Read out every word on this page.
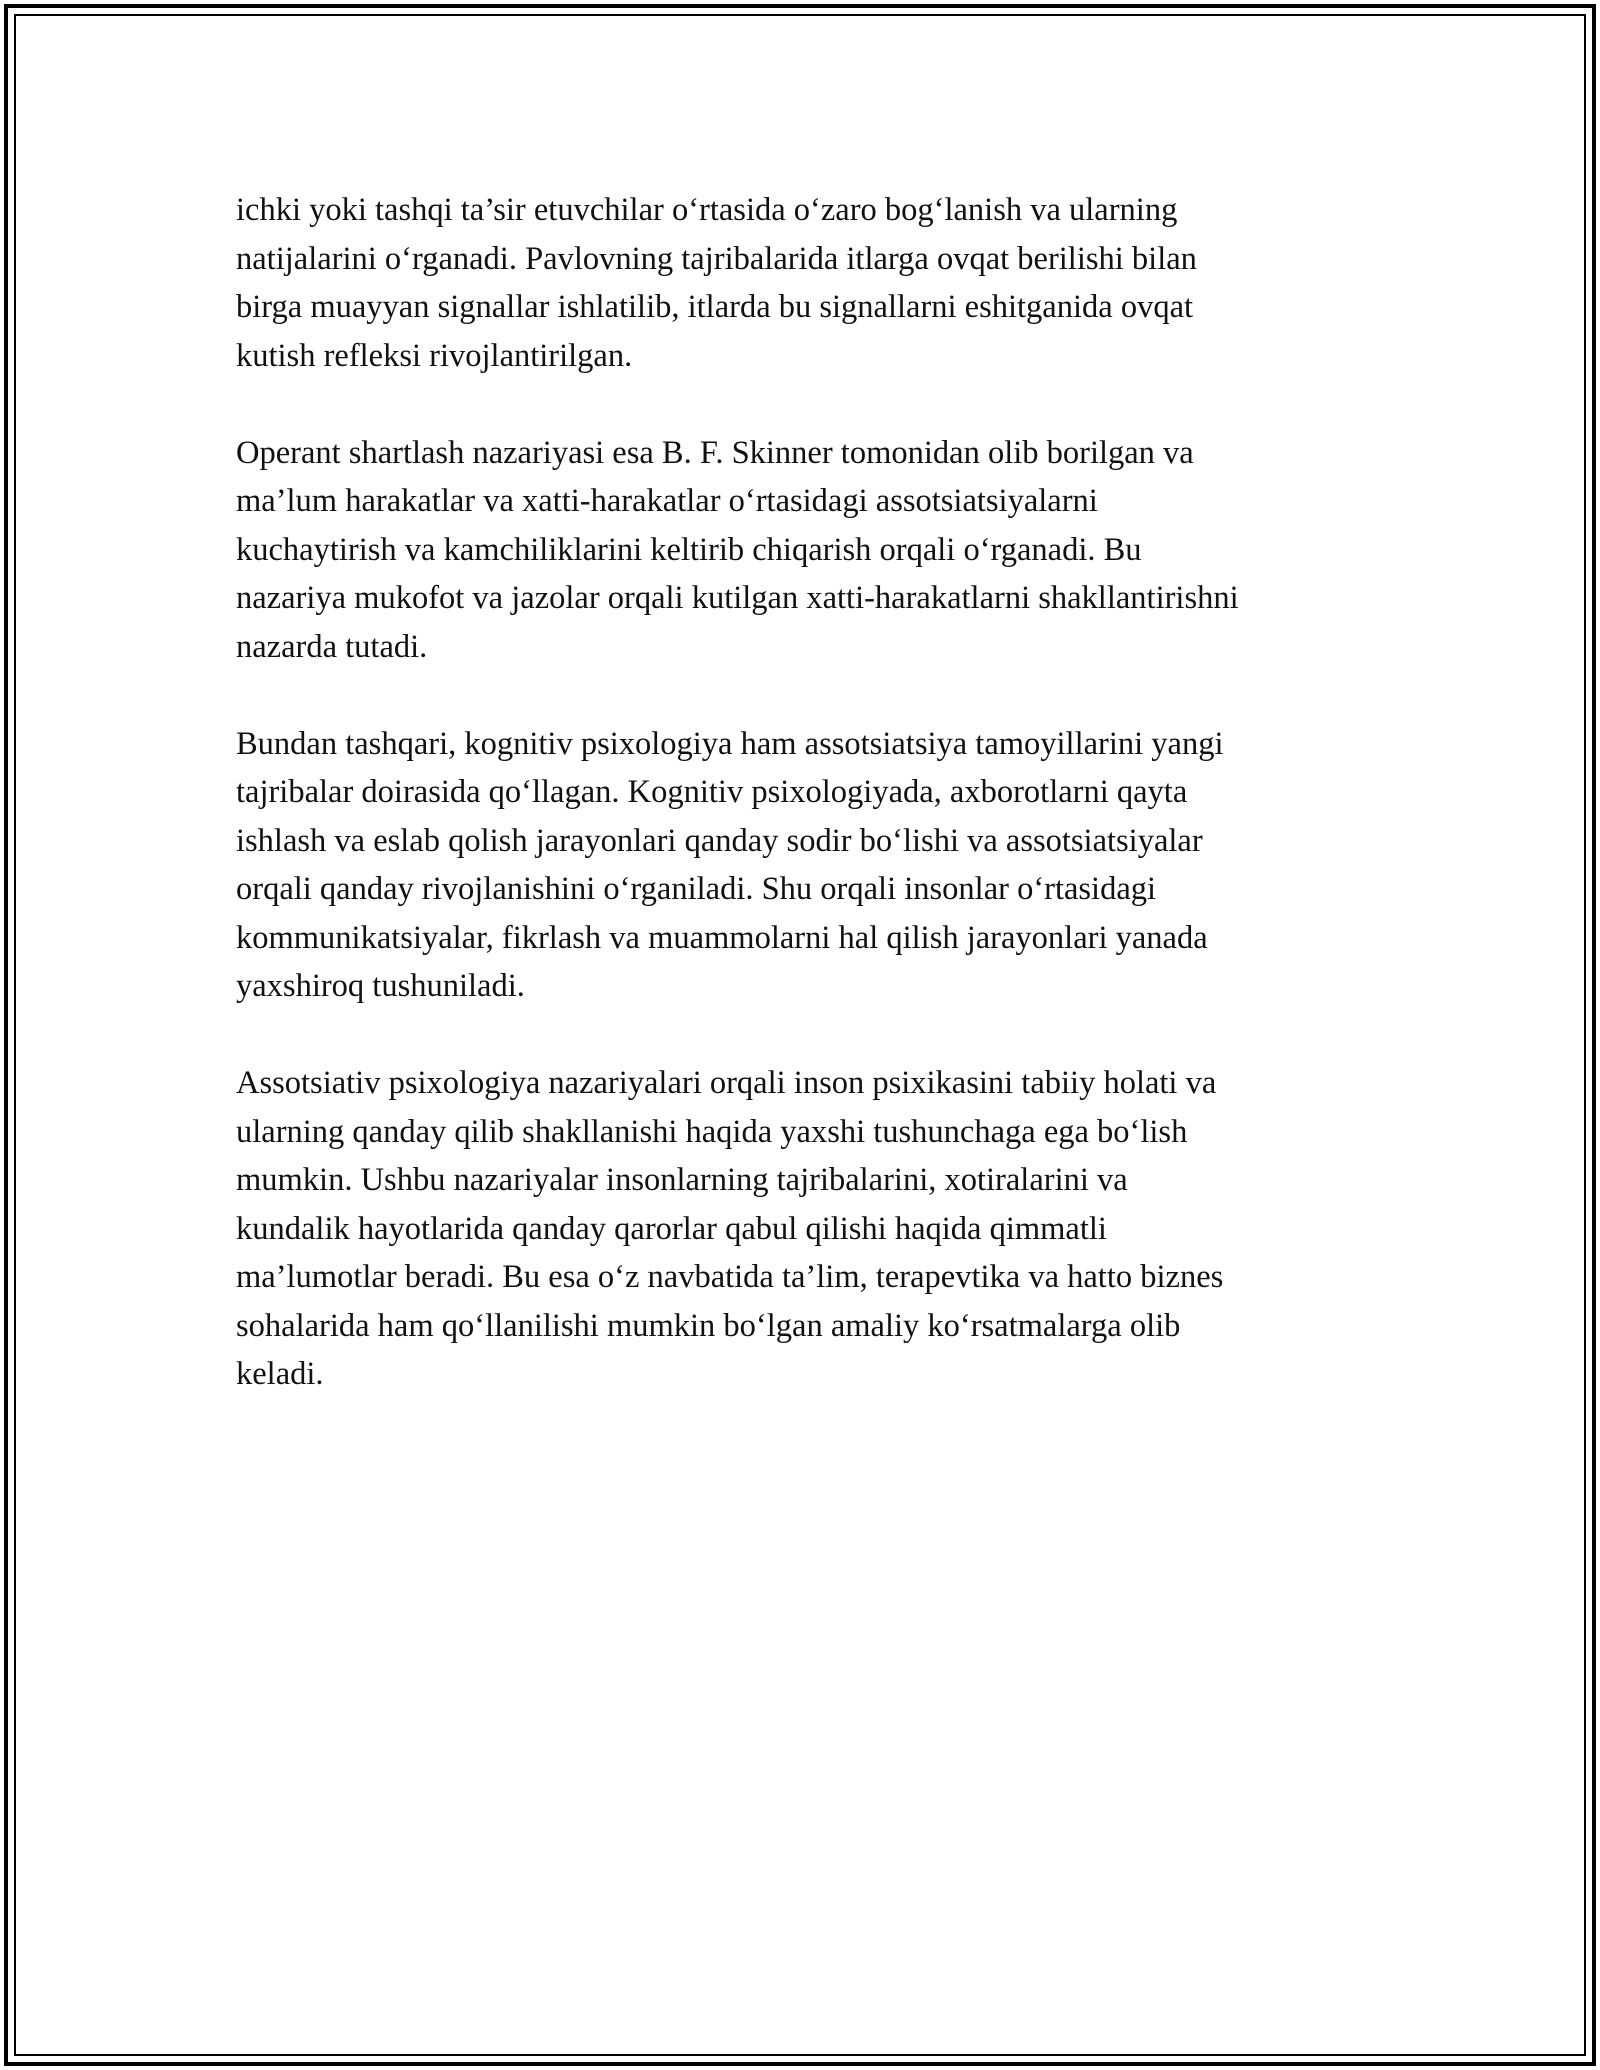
ichki yoki tashqi ta’sir etuvchilar o‘rtasida o‘zaro bog‘lanish va ularning
natijalarini o‘rganadi. Pavlovning tajribalarida itlarga ovqat berilishi bilan
birga muayyan signallar ishlatilib, itlarda bu signallarni eshitganida ovqat
kutish refleksi rivojlantirilgan.

Operant shartlash nazariyasi esa B. F. Skinner tomonidan olib borilgan va
ma’lum harakatlar va xatti-harakatlar o‘rtasidagi assotsiatsiyalarni
kuchaytirish va kamchiliklarini keltirib chiqarish orqali o‘rganadi. Bu
nazariya mukofot va jazolar orqali kutilgan xatti-harakatlarni shakllantirishni
nazarda tutadi.

Bundan tashqari, kognitiv psixologiya ham assotsiatsiya tamoyillarini yangi
tajribalar doirasida qo‘llagan. Kognitiv psixologiyada, axborotlarni qayta
ishlash va eslab qolish jarayonlari qanday sodir bo‘lishi va assotsiatsiyalar
orqali qanday rivojlanishini o‘rganiladi. Shu orqali insonlar o‘rtasidagi
kommunikatsiyalar, fikrlash va muammolarni hal qilish jarayonlari yanada
yaxshiroq tushuniladi.

Assotsiativ psixologiya nazariyalari orqali inson psixikasini tabiiy holati va
ularning qanday qilib shakllanishi haqida yaxshi tushunchaga ega bo‘lish
mumkin. Ushbu nazariyalar insonlarning tajribalarini, xotiralarini va
kundalik hayotlarida qanday qarorlar qabul qilishi haqida qimmatli
ma’lumotlar beradi. Bu esa o‘z navbatida ta’lim, terapevtika va hatto biznes
sohalarida ham qo‘llanilishi mumkin bo‘lgan amaliy ko‘rsatmalarga olib
keladi.
